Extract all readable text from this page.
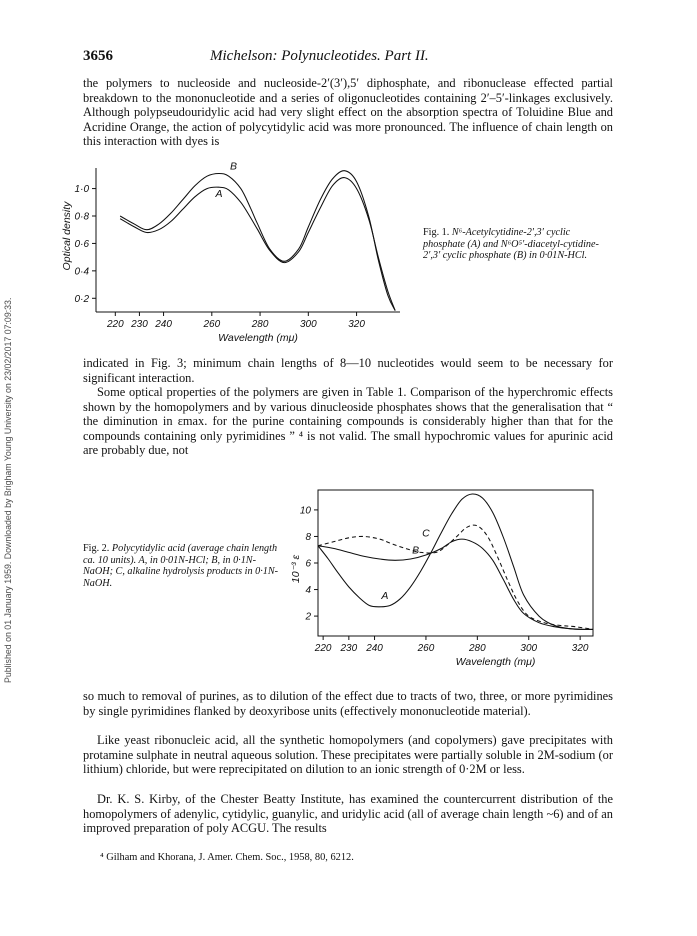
Published on 01 January 1959. Downloaded by Brigham Young University on 23/02/2017 07:09:33.
3656	Michelson: Polynucleotides. Part II.

the polymers to nucleoside and nucleoside-2′(3′),5′ diphosphate, and ribonuclease effected partial breakdown to the mononucleotide and a series of oligonucleotides containing 2′–5′-linkages exclusively. Although polypseudouridylic acid had very slight effect on the absorption spectra of Toluidine Blue and Acridine Orange, the action of polycytidylic acid was more pronounced. The influence of chain length on this interaction with dyes is

220 230 240	260	280	300	320
0·2
0·4
0·6
0·8
1·0
Wavelength (mμ)
Optical density
A
B

Fig. 1. N⁶-Acetylcytidine-2′,3′ cyclic phosphate (A) and N⁶O⁵′-diacetyl-cytidine-2′,3′ cyclic phosphate (B) in 0·01N-HCl.

indicated in Fig. 3; minimum chain lengths of 8—10 nucleotides would seem to be necessary for significant interaction.

Some optical properties of the polymers are given in Table 1. Comparison of the hyperchromic effects shown by the homopolymers and by various dinucleoside phosphates shows that the generalisation that “ the diminution in εmax. for the purine containing compounds is considerably higher than that for the compounds containing only pyrimidines ” ⁴ is not valid. The small hypochromic values for apurinic acid are probably due, not

Fig. 2. Polycytidylic acid (average chain length ca. 10 units). A, in 0·01N-HCl; B, in 0·1N-NaOH; C, alkaline hydrolysis products in 0·1N-NaOH.

220 230 240	260	280	300	320
2
4
6
8
10
Wavelength (mμ)
10⁻³ ε
A
B
C

so much to removal of purines, as to dilution of the effect due to tracts of two, three, or more pyrimidines by single pyrimidines flanked by deoxyribose units (effectively mononucleotide material).

Like yeast ribonucleic acid, all the synthetic homopolymers (and copolymers) gave precipitates with protamine sulphate in neutral aqueous solution. These precipitates were partially soluble in 2M-sodium (or lithium) chloride, but were reprecipitated on dilution to an ionic strength of 0·2M or less.

Dr. K. S. Kirby, of the Chester Beatty Institute, has examined the countercurrent distribution of the homopolymers of adenylic, cytidylic, guanylic, and uridylic acid (all of average chain length ~6) and of an improved preparation of poly ACGU. The results

⁴ Gilham and Khorana, J. Amer. Chem. Soc., 1958, 80, 6212.
